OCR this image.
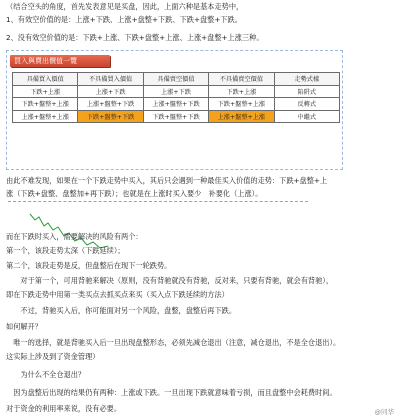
（结合空头的角度，首先发表意见是买盘，因此，上面六种是基本走势中，
1、有效空价值的是：上涨+下跌、上涨+盘整+下跌、下跌+盘整+下跌。
2、没有效空价值的是：下跌+上涨、下跌+盘整+上涨、上涨+盘整+上涨三种。
買入與賣出價值一覽
具備買入價值	不具備買入價值	具備賣空價值	不具備賣空價值	走勢式樣
下跌+上漲	上漲+下跌	上漲+下跌	下跌+上漲	陷阱式
下跌+盤整+上漲	上漲+盤整+下跌	上漲+盤整+下跌	下跌+盤整+上漲	反轉式
上漲+盤整+上漲	下跌+盤整+下跌	下跌+盤整+下跌	上漲+盤整+上漲	中繼式
由此不难发现，如果在一个下跌走势中买入，其后只会遇到一种最佳买入价值的走势：下跌+盘整+上
涨（下跌+盘整、盘整加+再下跌）；也就是在上涨时买入要少　补要化（上涨）。
而在下跌时买入，需要解决的风险有两个：
第一个，该段走势太深（下跌延续）；
第二个，该段走势是反，但盘整后在现下一轮跌势。
　　对于第一个，可用背驰来解决（原则，没有背驰就没有背驰，反对来，只要有背驰，就会有背驰），
即在下跌走势中用第一类买点去抓买点来买（买入点下跌延续的方法）
　　不过，背驰买入后，你可能面对另一个风险，盘整，盘整后再下跌。
如何解开？
　唯一的选择，就是背驰买入后一旦出现盘整形态，必须先减仓退出（注意，减仓退出，不是全仓退出）。
这实际上涉及到了资金管理）
　　为什么不全仓退出？
　因为盘整后出现的结果仍有两种：上涨或下跌。一旦出现下跌就意味着亏损，而且盘整中会耗费时间。
对于资金的利用率来说，没有必要。	@同华
